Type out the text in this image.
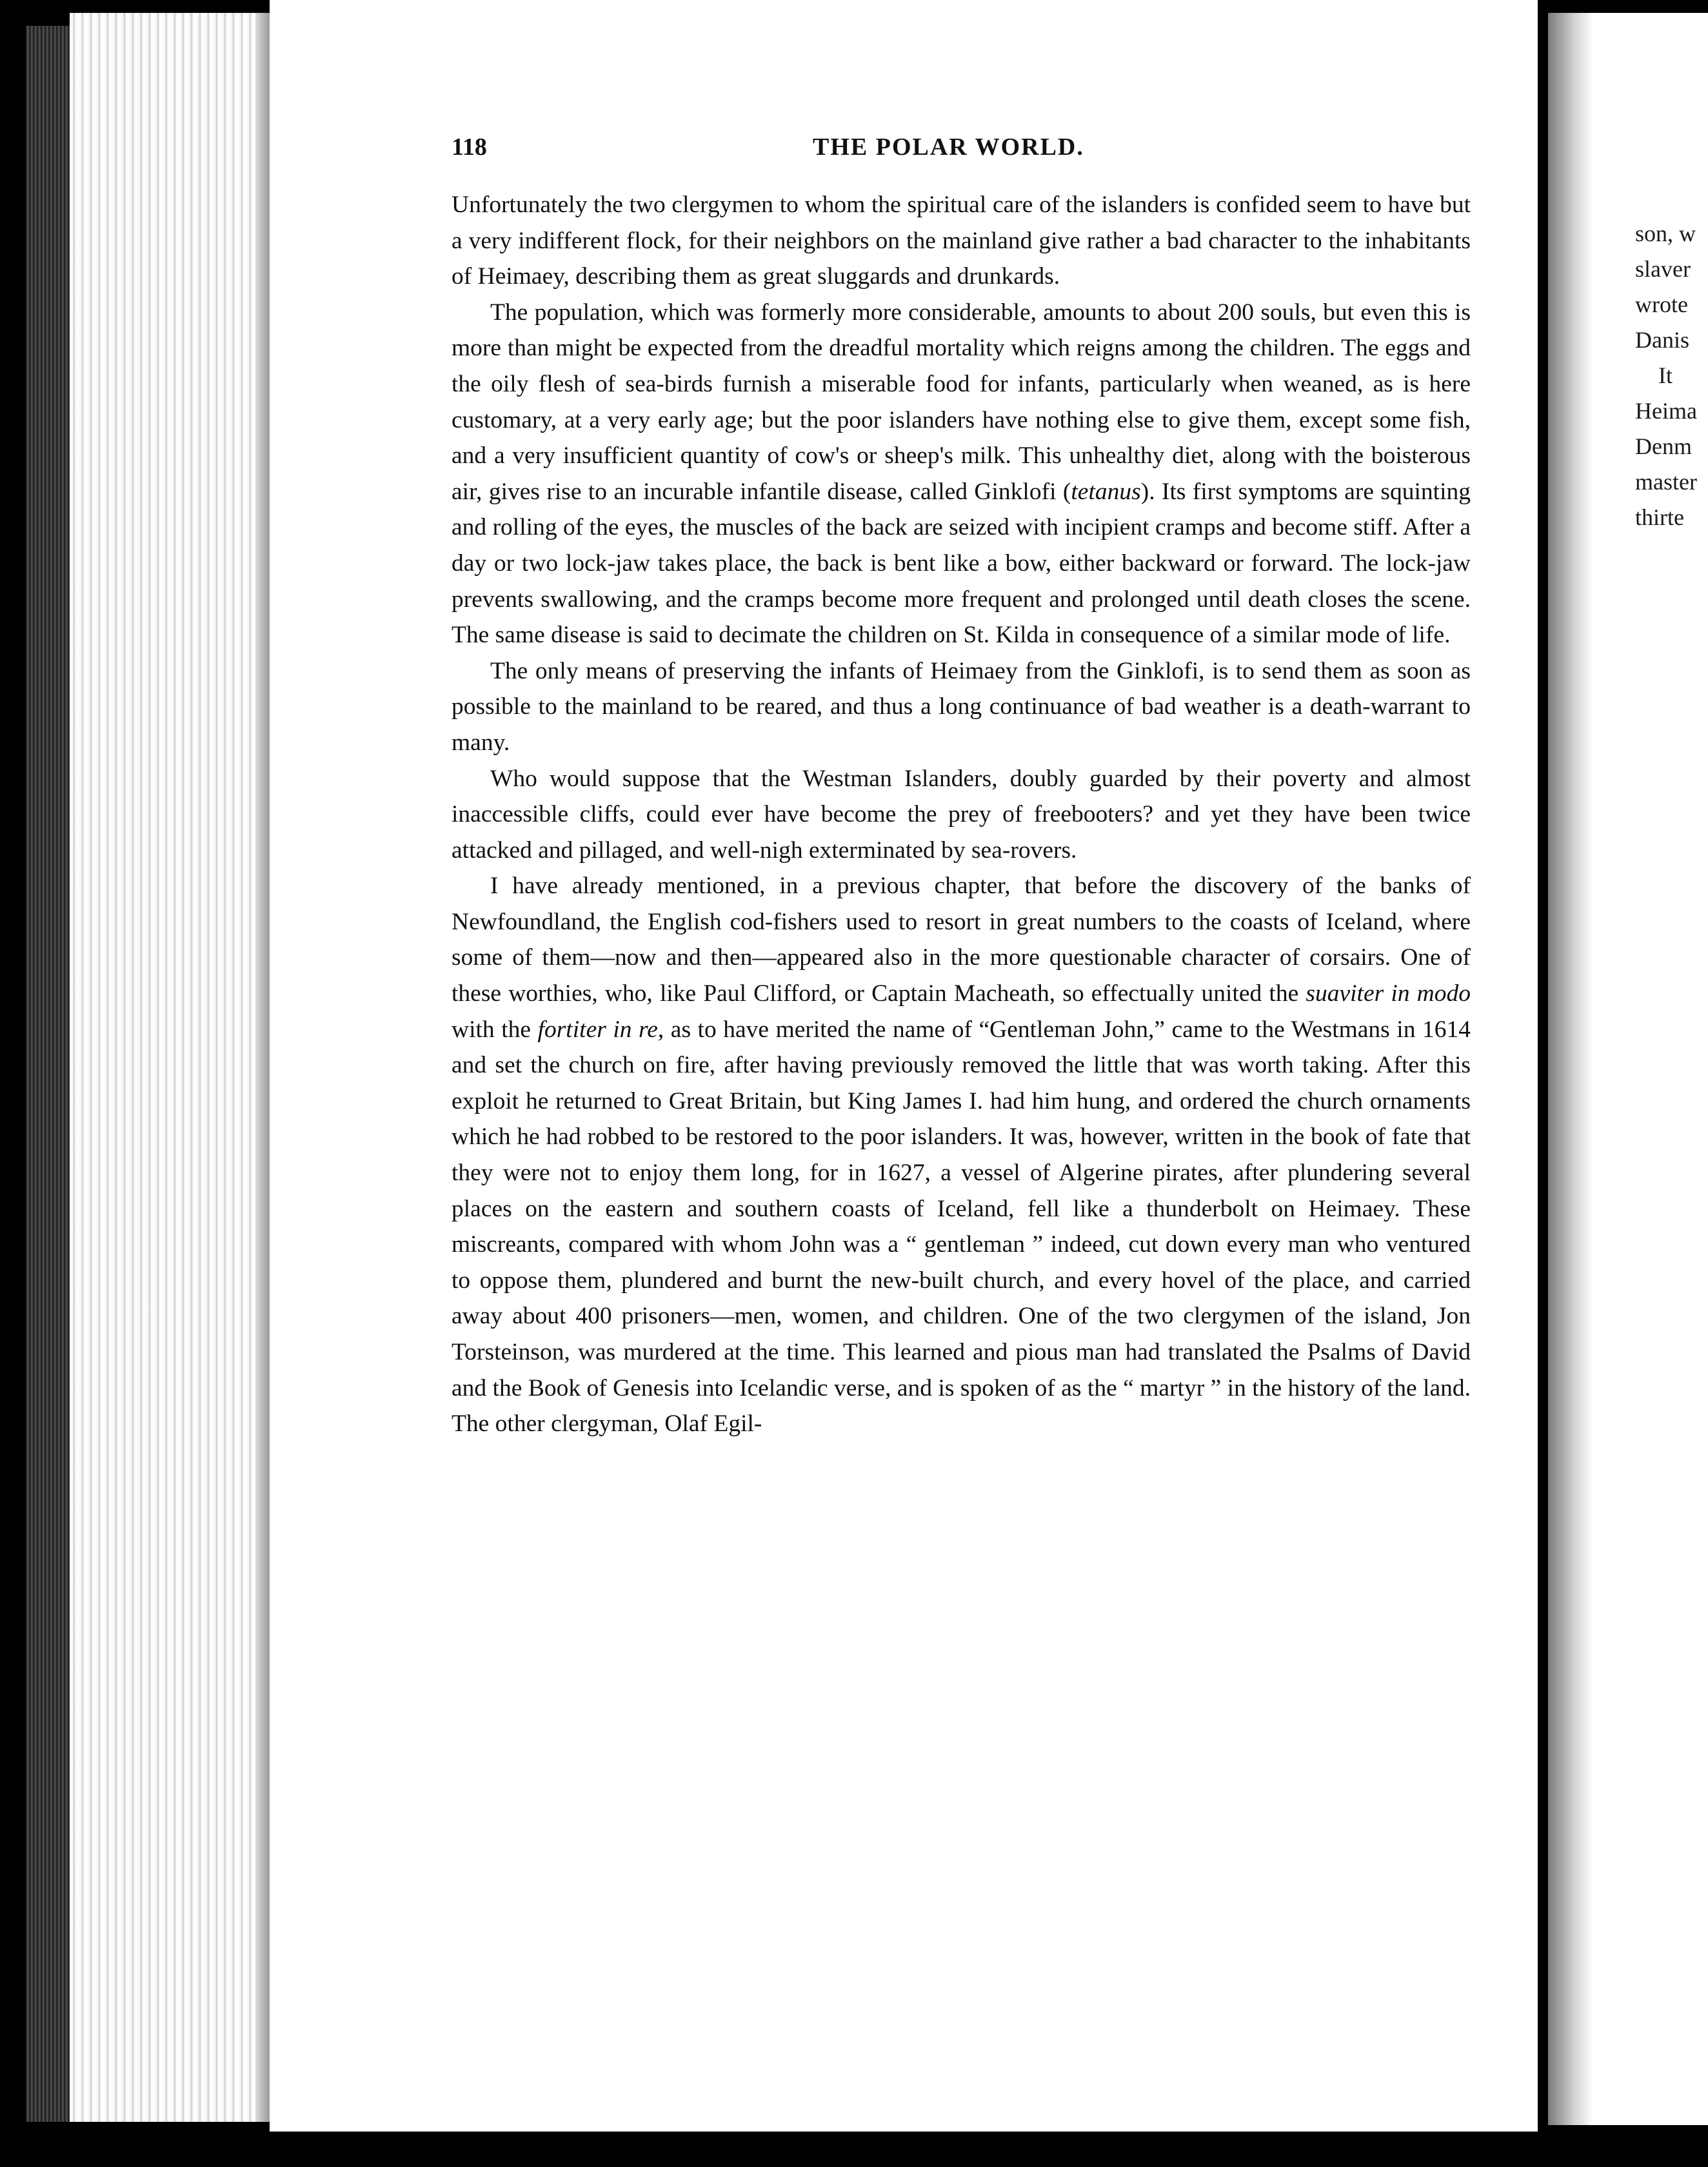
118	THE POLAR WORLD.

Unfortunately the two clergymen to whom the spiritual care of the islanders is confided seem to have but a very indifferent flock, for their neighbors on the mainland give rather a bad character to the inhabitants of Heimaey, describing them as great sluggards and drunkards.

The population, which was formerly more considerable, amounts to about 200 souls, but even this is more than might be expected from the dreadful mortality which reigns among the children. The eggs and the oily flesh of sea-birds furnish a miserable food for infants, particularly when weaned, as is here customary, at a very early age; but the poor islanders have nothing else to give them, except some fish, and a very insufficient quantity of cow's or sheep's milk. This unhealthy diet, along with the boisterous air, gives rise to an incurable infantile disease, called Ginklofi (tetanus). Its first symptoms are squinting and rolling of the eyes, the muscles of the back are seized with incipient cramps and become stiff. After a day or two lock-jaw takes place, the back is bent like a bow, either backward or forward. The lock-jaw prevents swallowing, and the cramps become more frequent and prolonged until death closes the scene. The same disease is said to decimate the children on St. Kilda in consequence of a similar mode of life.

The only means of preserving the infants of Heimaey from the Ginklofi, is to send them as soon as possible to the mainland to be reared, and thus a long continuance of bad weather is a death-warrant to many.

Who would suppose that the Westman Islanders, doubly guarded by their poverty and almost inaccessible cliffs, could ever have become the prey of freebooters? and yet they have been twice attacked and pillaged, and well-nigh exterminated by sea-rovers.

I have already mentioned, in a previous chapter, that before the discovery of the banks of Newfoundland, the English cod-fishers used to resort in great numbers to the coasts of Iceland, where some of them—now and then—appeared also in the more questionable character of corsairs. One of these worthies, who, like Paul Clifford, or Captain Macheath, so effectually united the suaviter in modo with the fortiter in re, as to have merited the name of “Gentleman John,” came to the Westmans in 1614 and set the church on fire, after having previously removed the little that was worth taking. After this exploit he returned to Great Britain, but King James I. had him hung, and ordered the church ornaments which he had robbed to be restored to the poor islanders. It was, however, written in the book of fate that they were not to enjoy them long, for in 1627, a vessel of Algerine pirates, after plundering several places on the eastern and southern coasts of Iceland, fell like a thunderbolt on Heimaey. These miscreants, compared with whom John was a “ gentleman ” indeed, cut down every man who ventured to oppose them, plundered and burnt the new-built church, and every hovel of the place, and carried away about 400 prisoners—men, women, and children. One of the two clergymen of the island, Jon Torsteinson, was murdered at the time. This learned and pious man had translated the Psalms of David and the Book of Genesis into Icelandic verse, and is spoken of as the “ martyr ” in the history of the land. The other clergyman, Olaf Egil-

son, w
slaver
wrote
Danis
It
Heima
Denm
master
thirte
